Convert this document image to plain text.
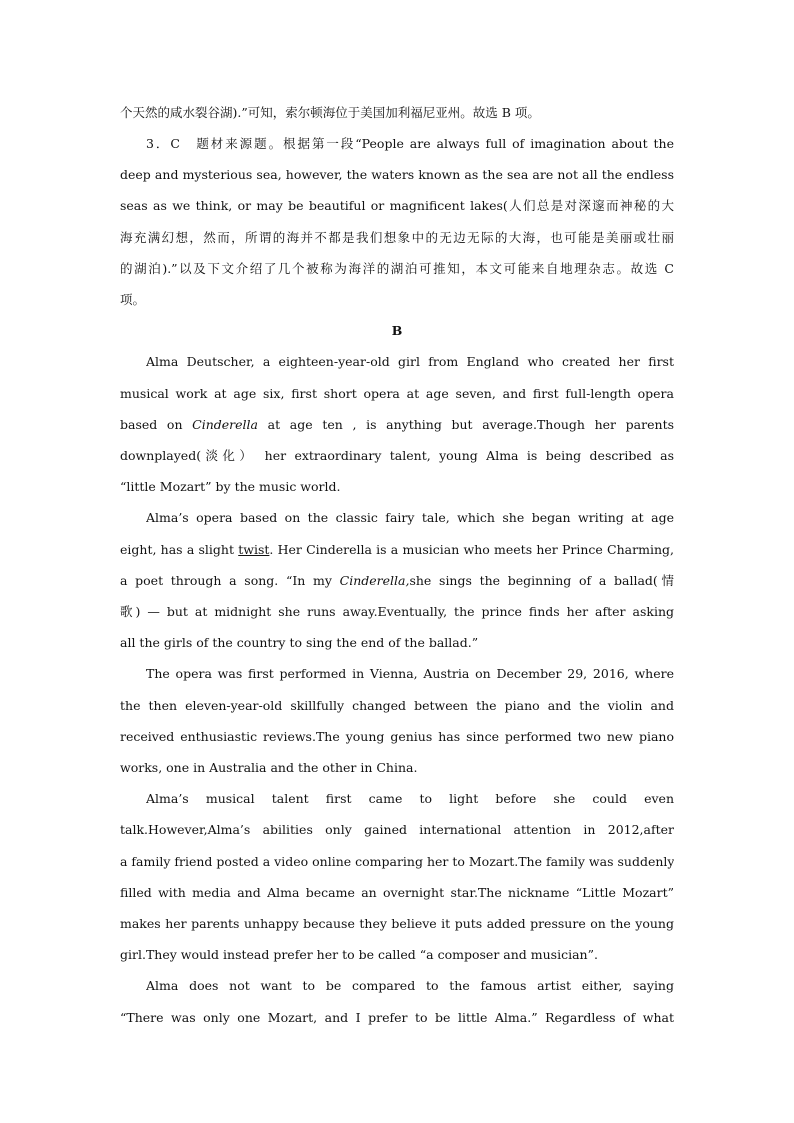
个天然的咸水裂谷湖).”可知，索尔顿海位于美国加利福尼亚州。故选 B 项。
3．C　题材来源题。根据第一段“People are always full of imagination about the
deep and mysterious sea, however, the waters known as the sea are not all the endless
seas as we think, or may be beautiful or magnificent lakes(人们总是对深邃而神秘的大
海充满幻想，然而，所谓的海并不都是我们想象中的无边无际的大海，也可能是美丽或壮丽
的湖泊).”以及下文介绍了几个被称为海洋的湖泊可推知，本文可能来自地理杂志。故选 C
项。
B
Alma Deutscher, a eighteen-year-old girl from England who created her first
musical work at age six, first short opera at age seven, and first full-length opera
based on Cinderella at age ten , is anything but average.Though her parents
downplayed(淡化） her extraordinary talent, young Alma is being described as
“little Mozart” by the music world.
Alma’s opera based on the classic fairy tale, which she began writing at age
eight, has a slight twist. Her Cinderella is a musician who meets her Prince Charming,
a poet through a song. “In my Cinderella,she sings the beginning of a ballad(情
歌) — but at midnight she runs away.Eventually, the prince finds her after asking
all the girls of the country to sing the end of the ballad.”
The opera was first performed in Vienna, Austria on December 29, 2016, where
the then eleven-year-old skillfully changed between the piano and the violin and
received enthusiastic reviews.The young genius has since performed two new piano
works, one in Australia and the other in China.
Alma’s musical talent first came to light before she could even
talk.However,Alma’s abilities only gained international attention in 2012,after
a family friend posted a video online comparing her to Mozart.The family was suddenly
filled with media and Alma became an overnight star.The nickname “Little Mozart”
makes her parents unhappy because they believe it puts added pressure on the young
girl.They would instead prefer her to be called “a composer and musician”.
Alma does not want to be compared to the famous artist either, saying
“There was only one Mozart, and I prefer to be little Alma.” Regardless of what
